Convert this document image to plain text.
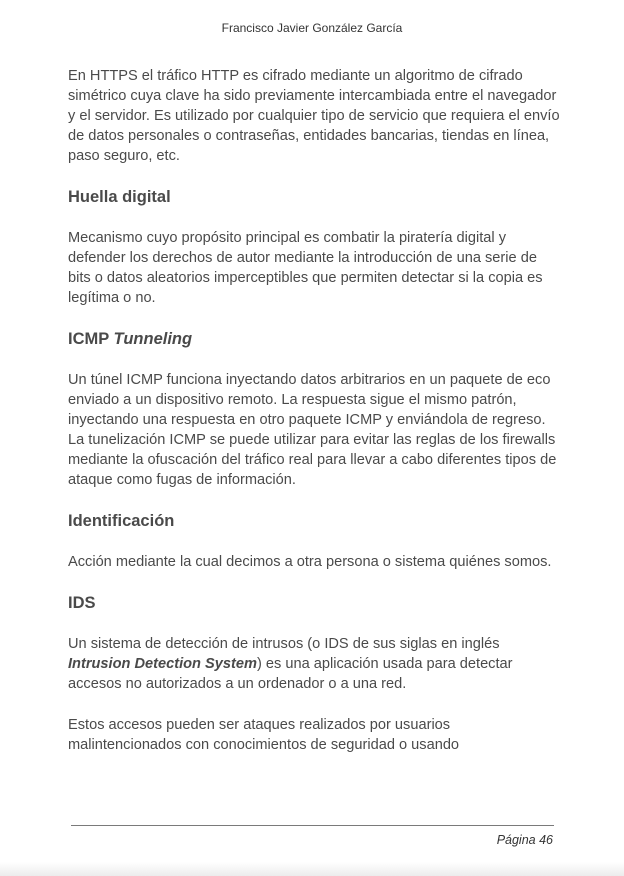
Francisco Javier González García

En HTTPS el tráfico HTTP es cifrado mediante un algoritmo de cifrado simétrico cuya clave ha sido previamente intercambiada entre el navegador y el servidor. Es utilizado por cualquier tipo de servicio que requiera el envío de datos personales o contraseñas, entidades bancarias, tiendas en línea, paso seguro, etc.

Huella digital

Mecanismo cuyo propósito principal es combatir la piratería digital y defender los derechos de autor mediante la introducción de una serie de bits o datos aleatorios imperceptibles que permiten detectar si la copia es legítima o no.

ICMP Tunneling

Un túnel ICMP funciona inyectando datos arbitrarios en un paquete de eco enviado a un dispositivo remoto. La respuesta sigue el mismo patrón, inyectando una respuesta en otro paquete ICMP y enviándola de regreso. La tunelización ICMP se puede utilizar para evitar las reglas de los firewalls mediante la ofuscación del tráfico real para llevar a cabo diferentes tipos de ataque como fugas de información.

Identificación

Acción mediante la cual decimos a otra persona o sistema quiénes somos.

IDS

Un sistema de detección de intrusos (o IDS de sus siglas en inglés Intrusion Detection System) es una aplicación usada para detectar accesos no autorizados a un ordenador o a una red.

Estos accesos pueden ser ataques realizados por usuarios malintencionados con conocimientos de seguridad o usando

Página 46
